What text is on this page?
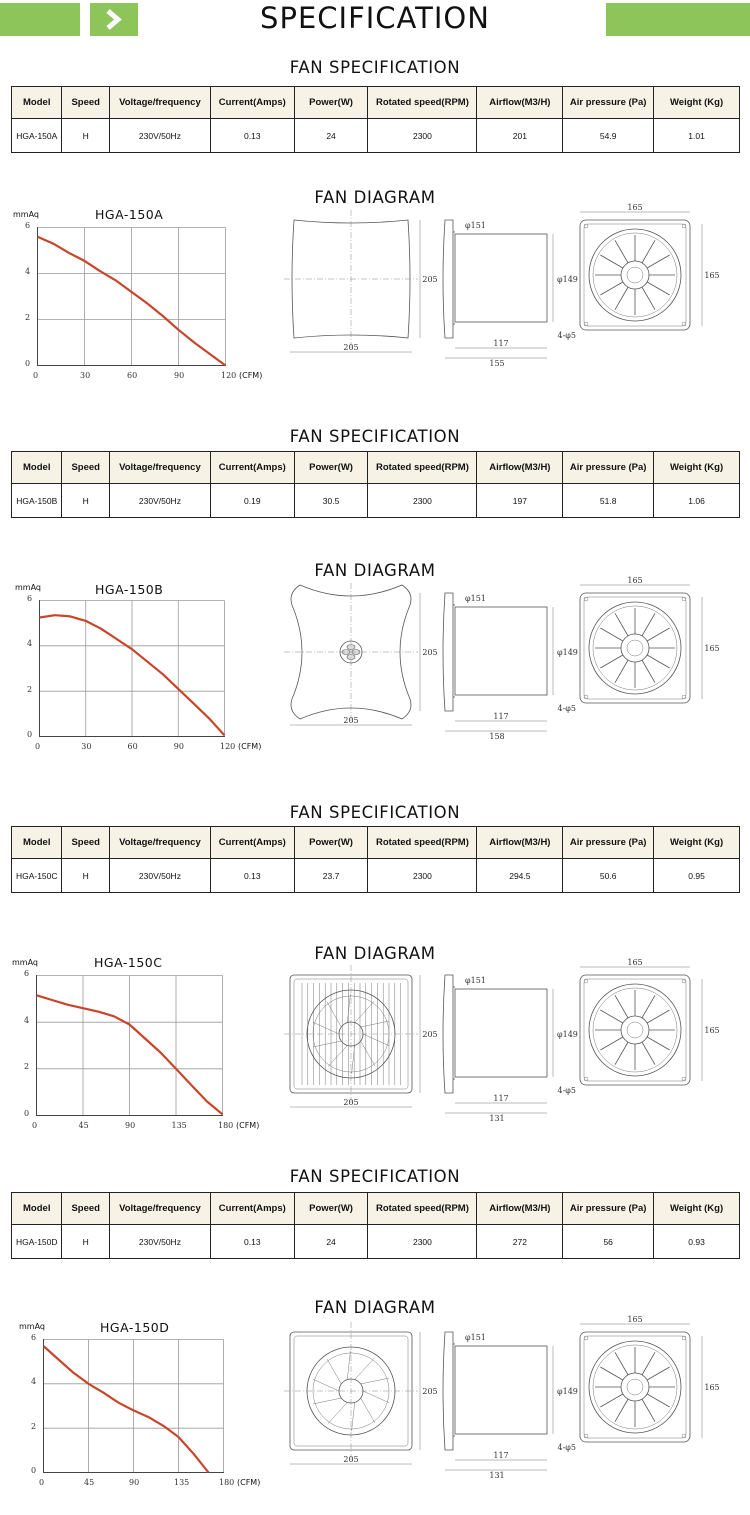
SPECIFICATION
FAN SPECIFICATION
Model	Speed	Voltage/frequency	Current(Amps)	Power(W)	Rotated speed(RPM)	Airflow(M3/H)	Air pressure (Pa)	Weight (Kg)
HGA-150A	H	230V/50Hz	0.13	24	2300	201	54.9	1.01
FAN DIAGRAM
HGA-150A
mmAq
0
2
4
6
0	30	60	90	120 (CFM)
205
205
φ151
φ149
117
155
165
165
4-φ5
FAN SPECIFICATION
Model	Speed	Voltage/frequency	Current(Amps)	Power(W)	Rotated speed(RPM)	Airflow(M3/H)	Air pressure (Pa)	Weight (Kg)
HGA-150B	H	230V/50Hz	0.19	30.5	2300	197	51.8	1.06
FAN DIAGRAM
HGA-150B
mmAq
0
2
4
6
0	30	60	90	120 (CFM)
205
205
φ151
φ149
117
158
165
165
4-φ5
FAN SPECIFICATION
Model	Speed	Voltage/frequency	Current(Amps)	Power(W)	Rotated speed(RPM)	Airflow(M3/H)	Air pressure (Pa)	Weight (Kg)
HGA-150C	H	230V/50Hz	0.13	23.7	2300	294.5	50.6	0.95
FAN DIAGRAM
HGA-150C
mmAq
0
2
4
6
0	45	90	135	180 (CFM)
205
205
φ151
φ149
117
131
165
165
4-φ5
FAN SPECIFICATION
Model	Speed	Voltage/frequency	Current(Amps)	Power(W)	Rotated speed(RPM)	Airflow(M3/H)	Air pressure (Pa)	Weight (Kg)
HGA-150D	H	230V/50Hz	0.13	24	2300	272	56	0.93
FAN DIAGRAM
HGA-150D
mmAq
0
2
4
6
0	45	90	135	180 (CFM)
205
205
φ151
φ149
117
131
165
165
4-φ5
